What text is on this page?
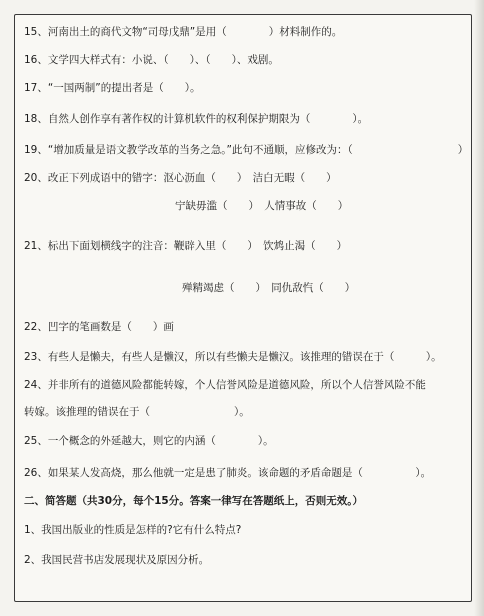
15、河南出土的商代文物“司母戊鼎”是用（　　　　）材料制作的。
16、文学四大样式有：小说、（　　）、（　　）、戏剧。
17、“一国两制”的提出者是（　　）。
18、自然人创作享有著作权的计算机软件的权利保护期限为（　　　　）。
19、“增加质量是语文教学改革的当务之急。”此句不通顺，应修改为：（　　　　　　　　　　）
20、改正下列成语中的错字：沤心沥血（　　）　洁白无暇（　　）
宁缺毋滥（　　）　人情事故（　　）
21、标出下面划横线字的注音：鞭辟入里（　　）　饮鸩止渴（　　）
殚精竭虑（　　）　同仇敌忾（　　）
22、凹字的笔画数是（　　）画
23、有些人是懒夫，有些人是懒汉，所以有些懒夫是懒汉。该推理的错误在于（　　　）。
24、并非所有的道德风险都能转嫁，个人信誉风险是道德风险，所以个人信誉风险不能
转嫁。该推理的错误在于（　　　　　　　　）。
25、一个概念的外延越大，则它的内涵（　　　　）。
26、如果某人发高烧，那么他就一定是患了肺炎。该命题的矛盾命题是（　　　　　）。
二、简答题（共30分，每个15分。答案一律写在答题纸上，否则无效。）
1、我国出版业的性质是怎样的?它有什么特点?
2、我国民营书店发展现状及原因分析。
